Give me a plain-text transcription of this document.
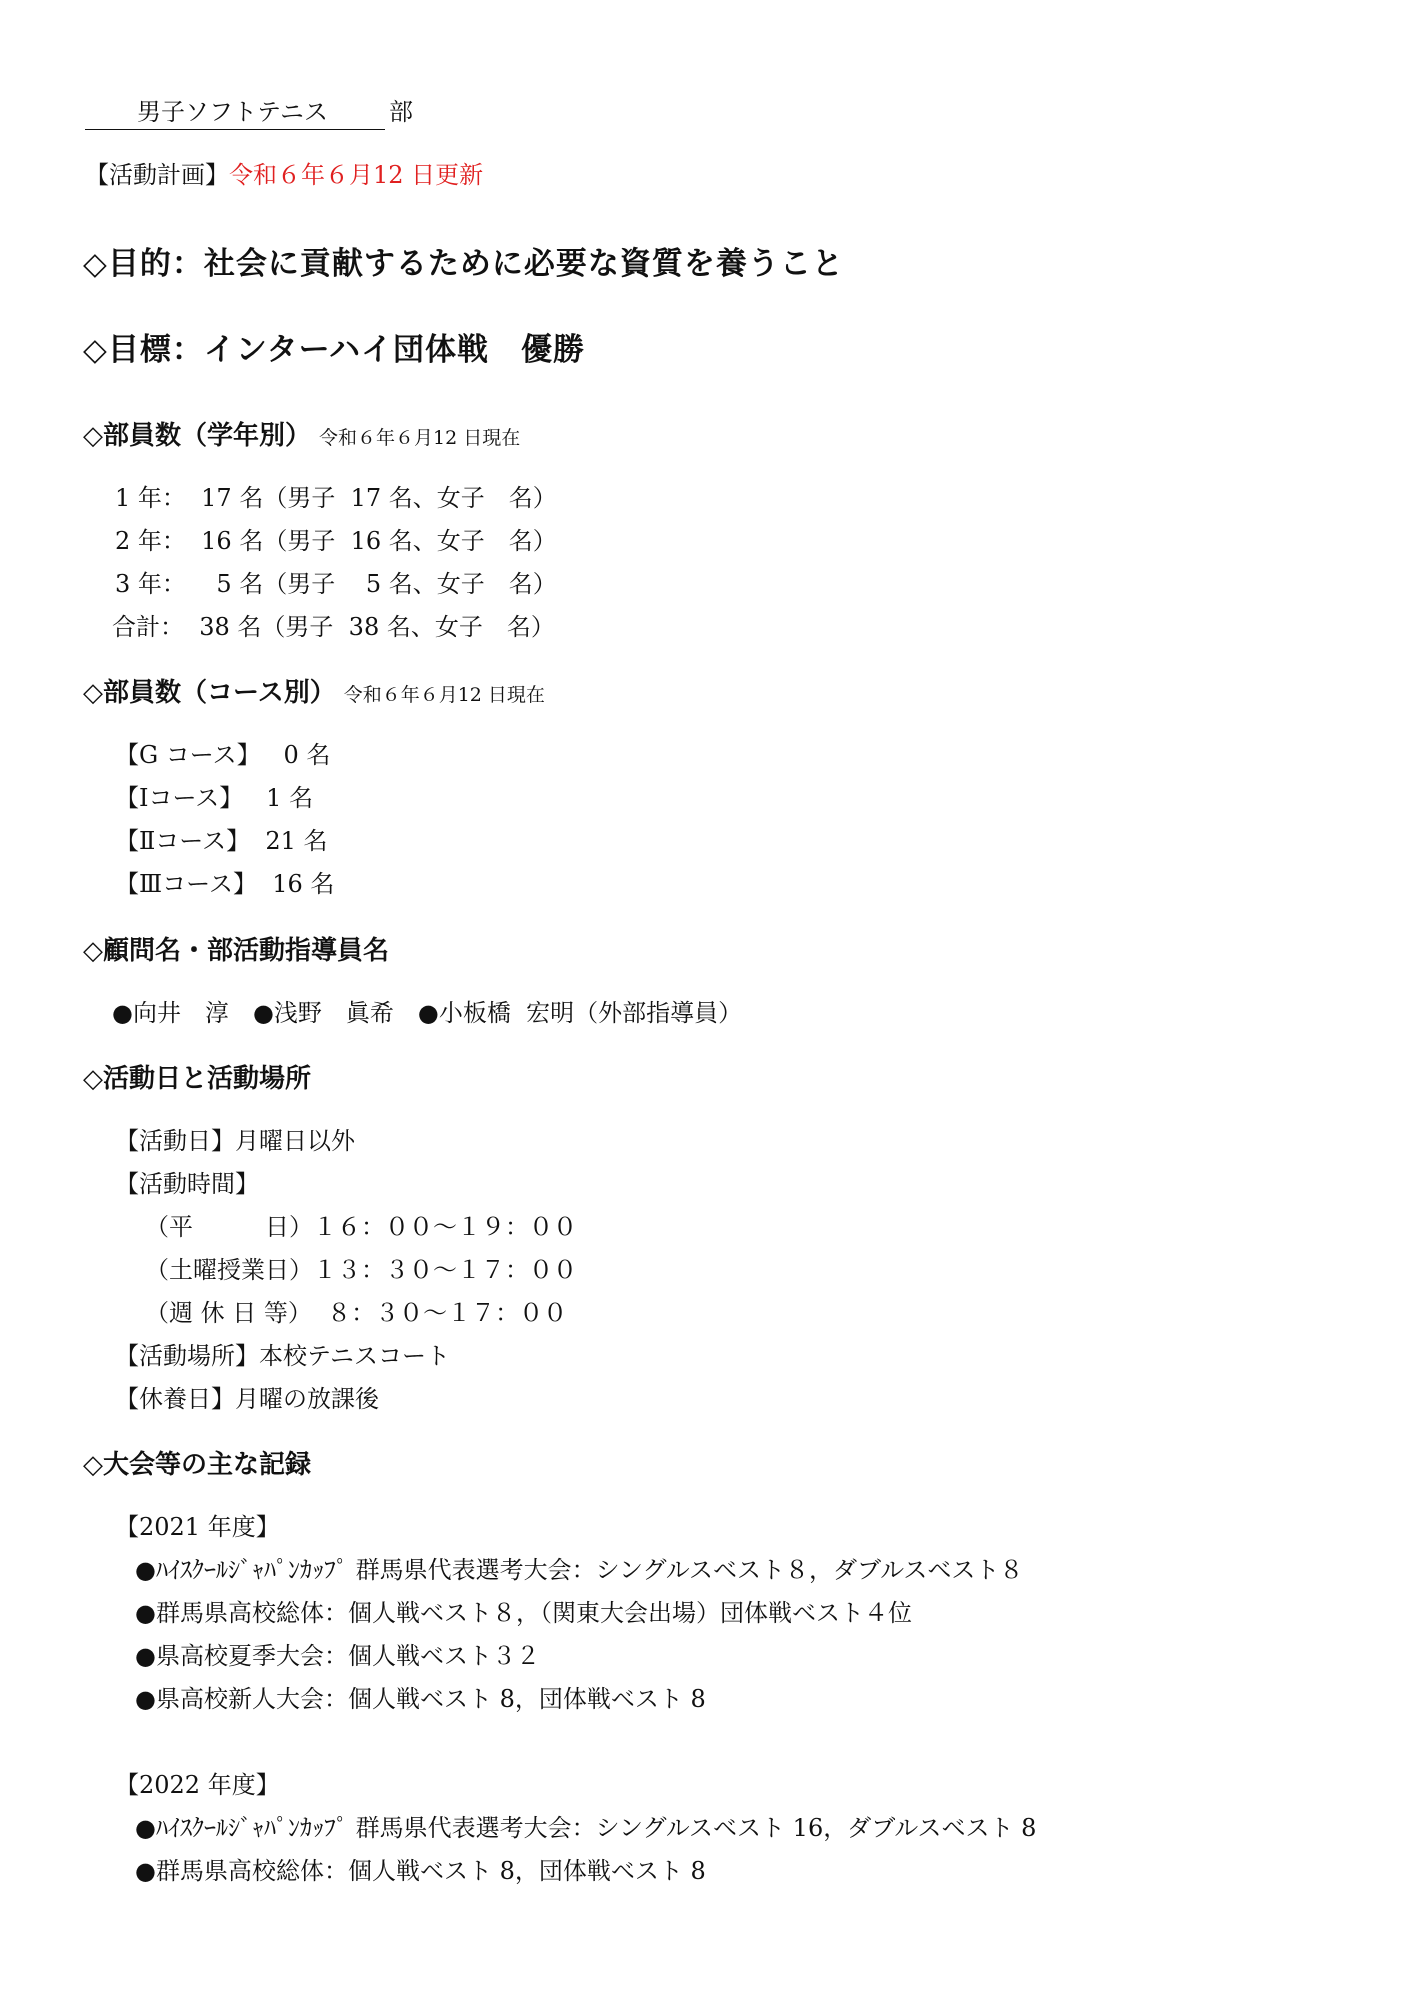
男子ソフトテニス	部
【活動計画】令和６年６月12 日更新
◇目的：社会に貢献するために必要な資質を養うこと
◇目標：インターハイ団体戦　優勝
◇部員数（学年別） 令和６年６月12 日現在
1 年：  17 名（男子  17 名、女子　名）
2 年：  16 名（男子  16 名、女子　名）
3 年：    5 名（男子    5 名、女子　名）
合計：  38 名（男子  38 名、女子　名）
◇部員数（コース別） 令和６年６月12 日現在
【G コース】   0 名
【Ⅰコース】   1 名
【Ⅱコース】  21 名
【Ⅲコース】  16 名
◇顧問名・部活動指導員名
●向井　淳　●浅野　眞希　●小板橋  宏明（外部指導員）
◇活動日と活動場所
【活動日】月曜日以外
【活動時間】
（平　　　日）１６：００～１９：００
（土曜授業日）１３：３０～１７：００
（週 休 日 等）  ８：３０～１７：００
【活動場所】本校テニスコート
【休養日】月曜の放課後
◇大会等の主な記録
【2021 年度】
●ﾊｲｽｸｰﾙｼﾞｬﾊﾟﾝｶｯﾌﾟ 群馬県代表選考大会：シングルスベスト８，ダブルスベスト８
●群馬県高校総体：個人戦ベスト８，（関東大会出場）団体戦ベスト４位
●県高校夏季大会：個人戦ベスト３２
●県高校新人大会：個人戦ベスト 8，団体戦ベスト 8
【2022 年度】
●ﾊｲｽｸｰﾙｼﾞｬﾊﾟﾝｶｯﾌﾟ 群馬県代表選考大会：シングルスベスト 16，ダブルスベスト 8
●群馬県高校総体：個人戦ベスト 8，団体戦ベスト 8
